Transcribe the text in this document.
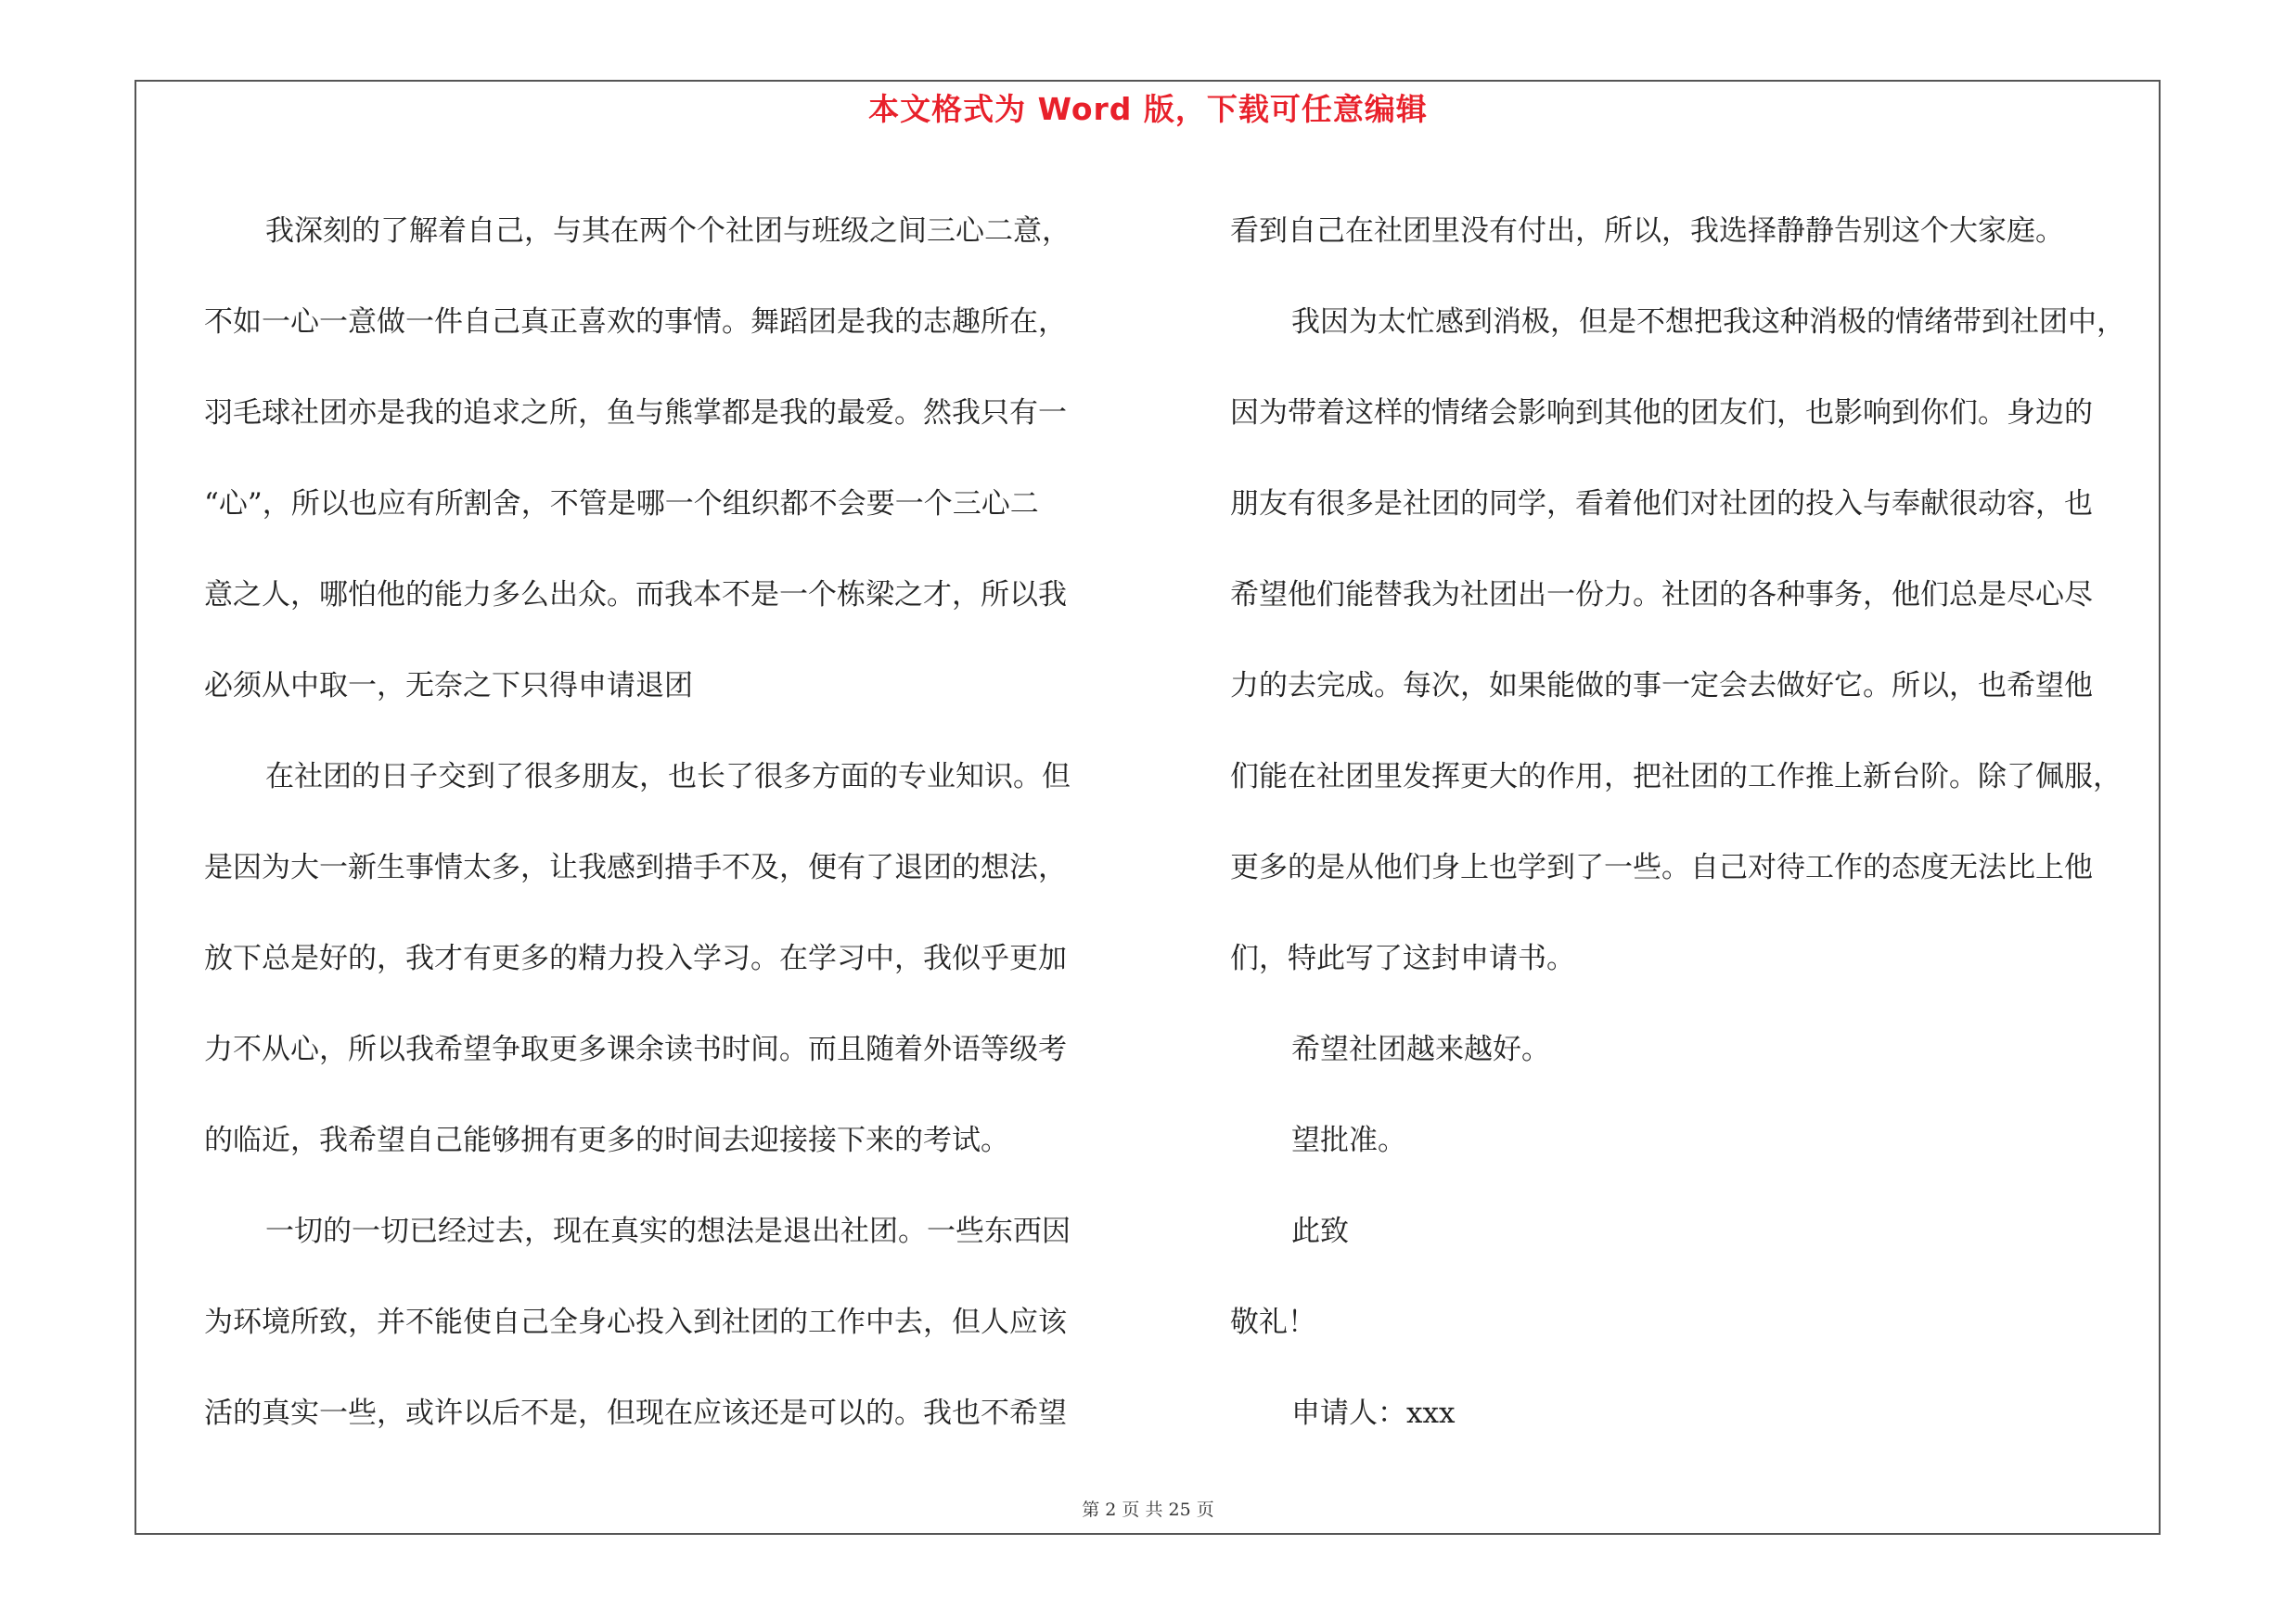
本文格式为 Word 版，下载可任意编辑
我深刻的了解着自己，与其在两个个社团与班级之间三心二意，
不如一心一意做一件自己真正喜欢的事情。舞蹈团是我的志趣所在，
羽毛球社团亦是我的追求之所，鱼与熊掌都是我的最爱。然我只有一
“心”，所以也应有所割舍，不管是哪一个组织都不会要一个三心二
意之人，哪怕他的能力多么出众。而我本不是一个栋梁之才，所以我
必须从中取一，无奈之下只得申请退团
在社团的日子交到了很多朋友，也长了很多方面的专业知识。但
是因为大一新生事情太多，让我感到措手不及，便有了退团的想法，
放下总是好的，我才有更多的精力投入学习。在学习中，我似乎更加
力不从心，所以我希望争取更多课余读书时间。而且随着外语等级考
的临近，我希望自己能够拥有更多的时间去迎接接下来的考试。
一切的一切已经过去，现在真实的想法是退出社团。一些东西因
为环境所致，并不能使自己全身心投入到社团的工作中去，但人应该
活的真实一些，或许以后不是，但现在应该还是可以的。我也不希望
看到自己在社团里没有付出，所以，我选择静静告别这个大家庭。
我因为太忙感到消极，但是不想把我这种消极的情绪带到社团中，
因为带着这样的情绪会影响到其他的团友们，也影响到你们。身边的
朋友有很多是社团的同学，看着他们对社团的投入与奉献很动容，也
希望他们能替我为社团出一份力。社团的各种事务，他们总是尽心尽
力的去完成。每次，如果能做的事一定会去做好它。所以，也希望他
们能在社团里发挥更大的作用，把社团的工作推上新台阶。除了佩服，
更多的是从他们身上也学到了一些。自己对待工作的态度无法比上他
们，特此写了这封申请书。
希望社团越来越好。
望批准。
此致
敬礼！
申请人：xxx
第 2 页 共 25 页
